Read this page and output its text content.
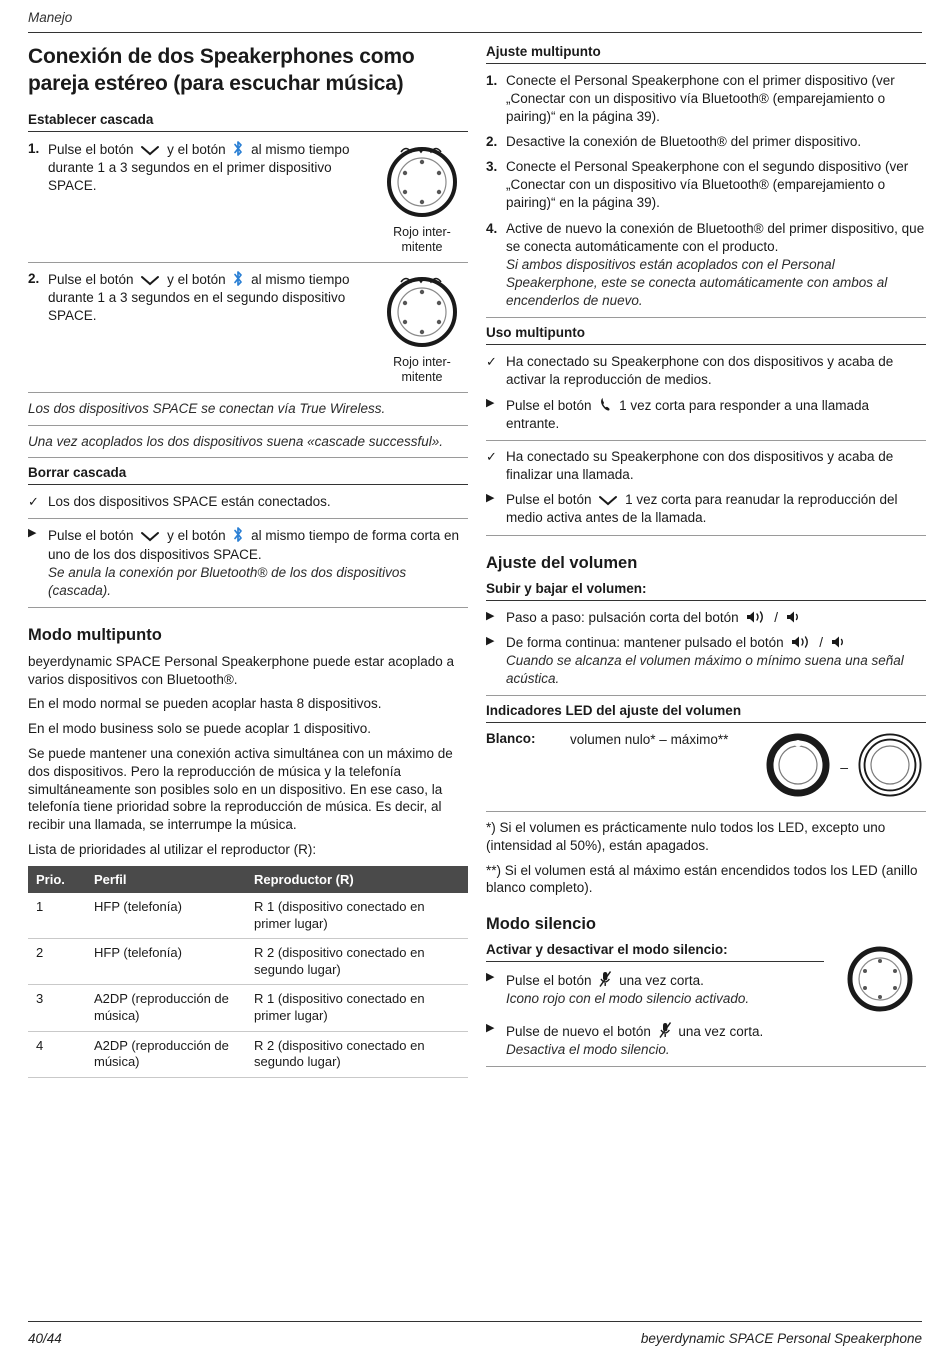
Manejo
Conexión de dos Speakerphones como pareja estéreo (para escuchar música)
Establecer cascada
1. Pulse el botón y el botón al mismo tiempo durante 1 a 3 segundos en el primer dispositivo SPACE.
Rojo inter-mitente
2. Pulse el botón y el botón al mismo tiempo durante 1 a 3 segundos en el segundo dispositivo SPACE.
Rojo inter-mitente

Los dos dispositivos SPACE se conectan vía True Wireless.

Una vez acoplados los dos dispositivos suena «cascade successful».

Borrar cascada
✓ Los dos dispositivos SPACE están conectados.
▶ Pulse el botón y el botón al mismo tiempo de forma corta en uno de los dos dispositivos SPACE.
Se anula la conexión por Bluetooth® de los dos dispositivos (cascada).
Modo multipunto

beyerdynamic SPACE Personal Speakerphone puede estar acoplado a varios dispositivos con Bluetooth®.

En el modo normal se pueden acoplar hasta 8 dispositivos.

En el modo business solo se puede acoplar 1 dispositivo.

Se puede mantener una conexión activa simultánea con un máximo de dos dispositivos. Pero la reproducción de música y la telefonía simultáneamente son posibles solo en un dispositivo. En ese caso, la telefonía tiene prioridad sobre la reproducción de música. Es decir, al recibir una llamada, se interrumpe la música.

Lista de prioridades al utilizar el reproductor (R):

Prio.	Perfil	Reproductor (R)
1	HFP (telefonía)	R 1 (dispositivo conectado en primer lugar)
2	HFP (telefonía)	R 2 (dispositivo conectado en segundo lugar)
3	A2DP (reproducción de música)	R 1 (dispositivo conectado en primer lugar)
4	A2DP (reproducción de música)	R 2 (dispositivo conectado en segundo lugar)
Ajuste multipunto
1. Conecte el Personal Speakerphone con el primer dispositivo (ver „Conectar con un dispositivo vía Bluetooth® (emparejamiento o pairing)“ en la página 39).
2. Desactive la conexión de Bluetooth® del primer dispositivo.
3. Conecte el Personal Speakerphone con el segundo dispositivo (ver „Conectar con un dispositivo vía Bluetooth® (emparejamiento o pairing)“ en la página 39).
4. Active de nuevo la conexión de Bluetooth® del primer dispositivo, que se conecta automáticamente con el producto.
Si ambos dispositivos están acoplados con el Personal Speakerphone, este se conecta automáticamente con ambos al encenderlos de nuevo.
Uso multipunto
✓ Ha conectado su Speakerphone con dos dispositivos y acaba de activar la reproducción de medios.
▶ Pulse el botón 1 vez corta para responder a una llamada entrante.
✓ Ha conectado su Speakerphone con dos dispositivos y acaba de finalizar una llamada.
▶ Pulse el botón 1 vez corta para reanudar la reproducción del medio activa antes de la llamada.
Ajuste del volumen
Subir y bajar el volumen:
▶ Paso a paso: pulsación corta del botón	/
▶ De forma continua: mantener pulsado el botón	/
Cuando se alcanza el volumen máximo o mínimo suena una señal acústica.
Indicadores LED del ajuste del volumen
Blanco:	volumen nulo* – máximo**
–

*) Si el volumen es prácticamente nulo todos los LED, excepto uno (intensidad al 50%), están apagados.

**) Si el volumen está al máximo están encendidos todos los LED (anillo blanco completo).

Modo silencio
Activar y desactivar el modo silencio:
▶ Pulse el botón una vez corta.
Icono rojo con el modo silencio activado.
▶ Pulse de nuevo el botón una vez corta.
Desactiva el modo silencio.
40/44	beyerdynamic SPACE Personal Speakerphone
